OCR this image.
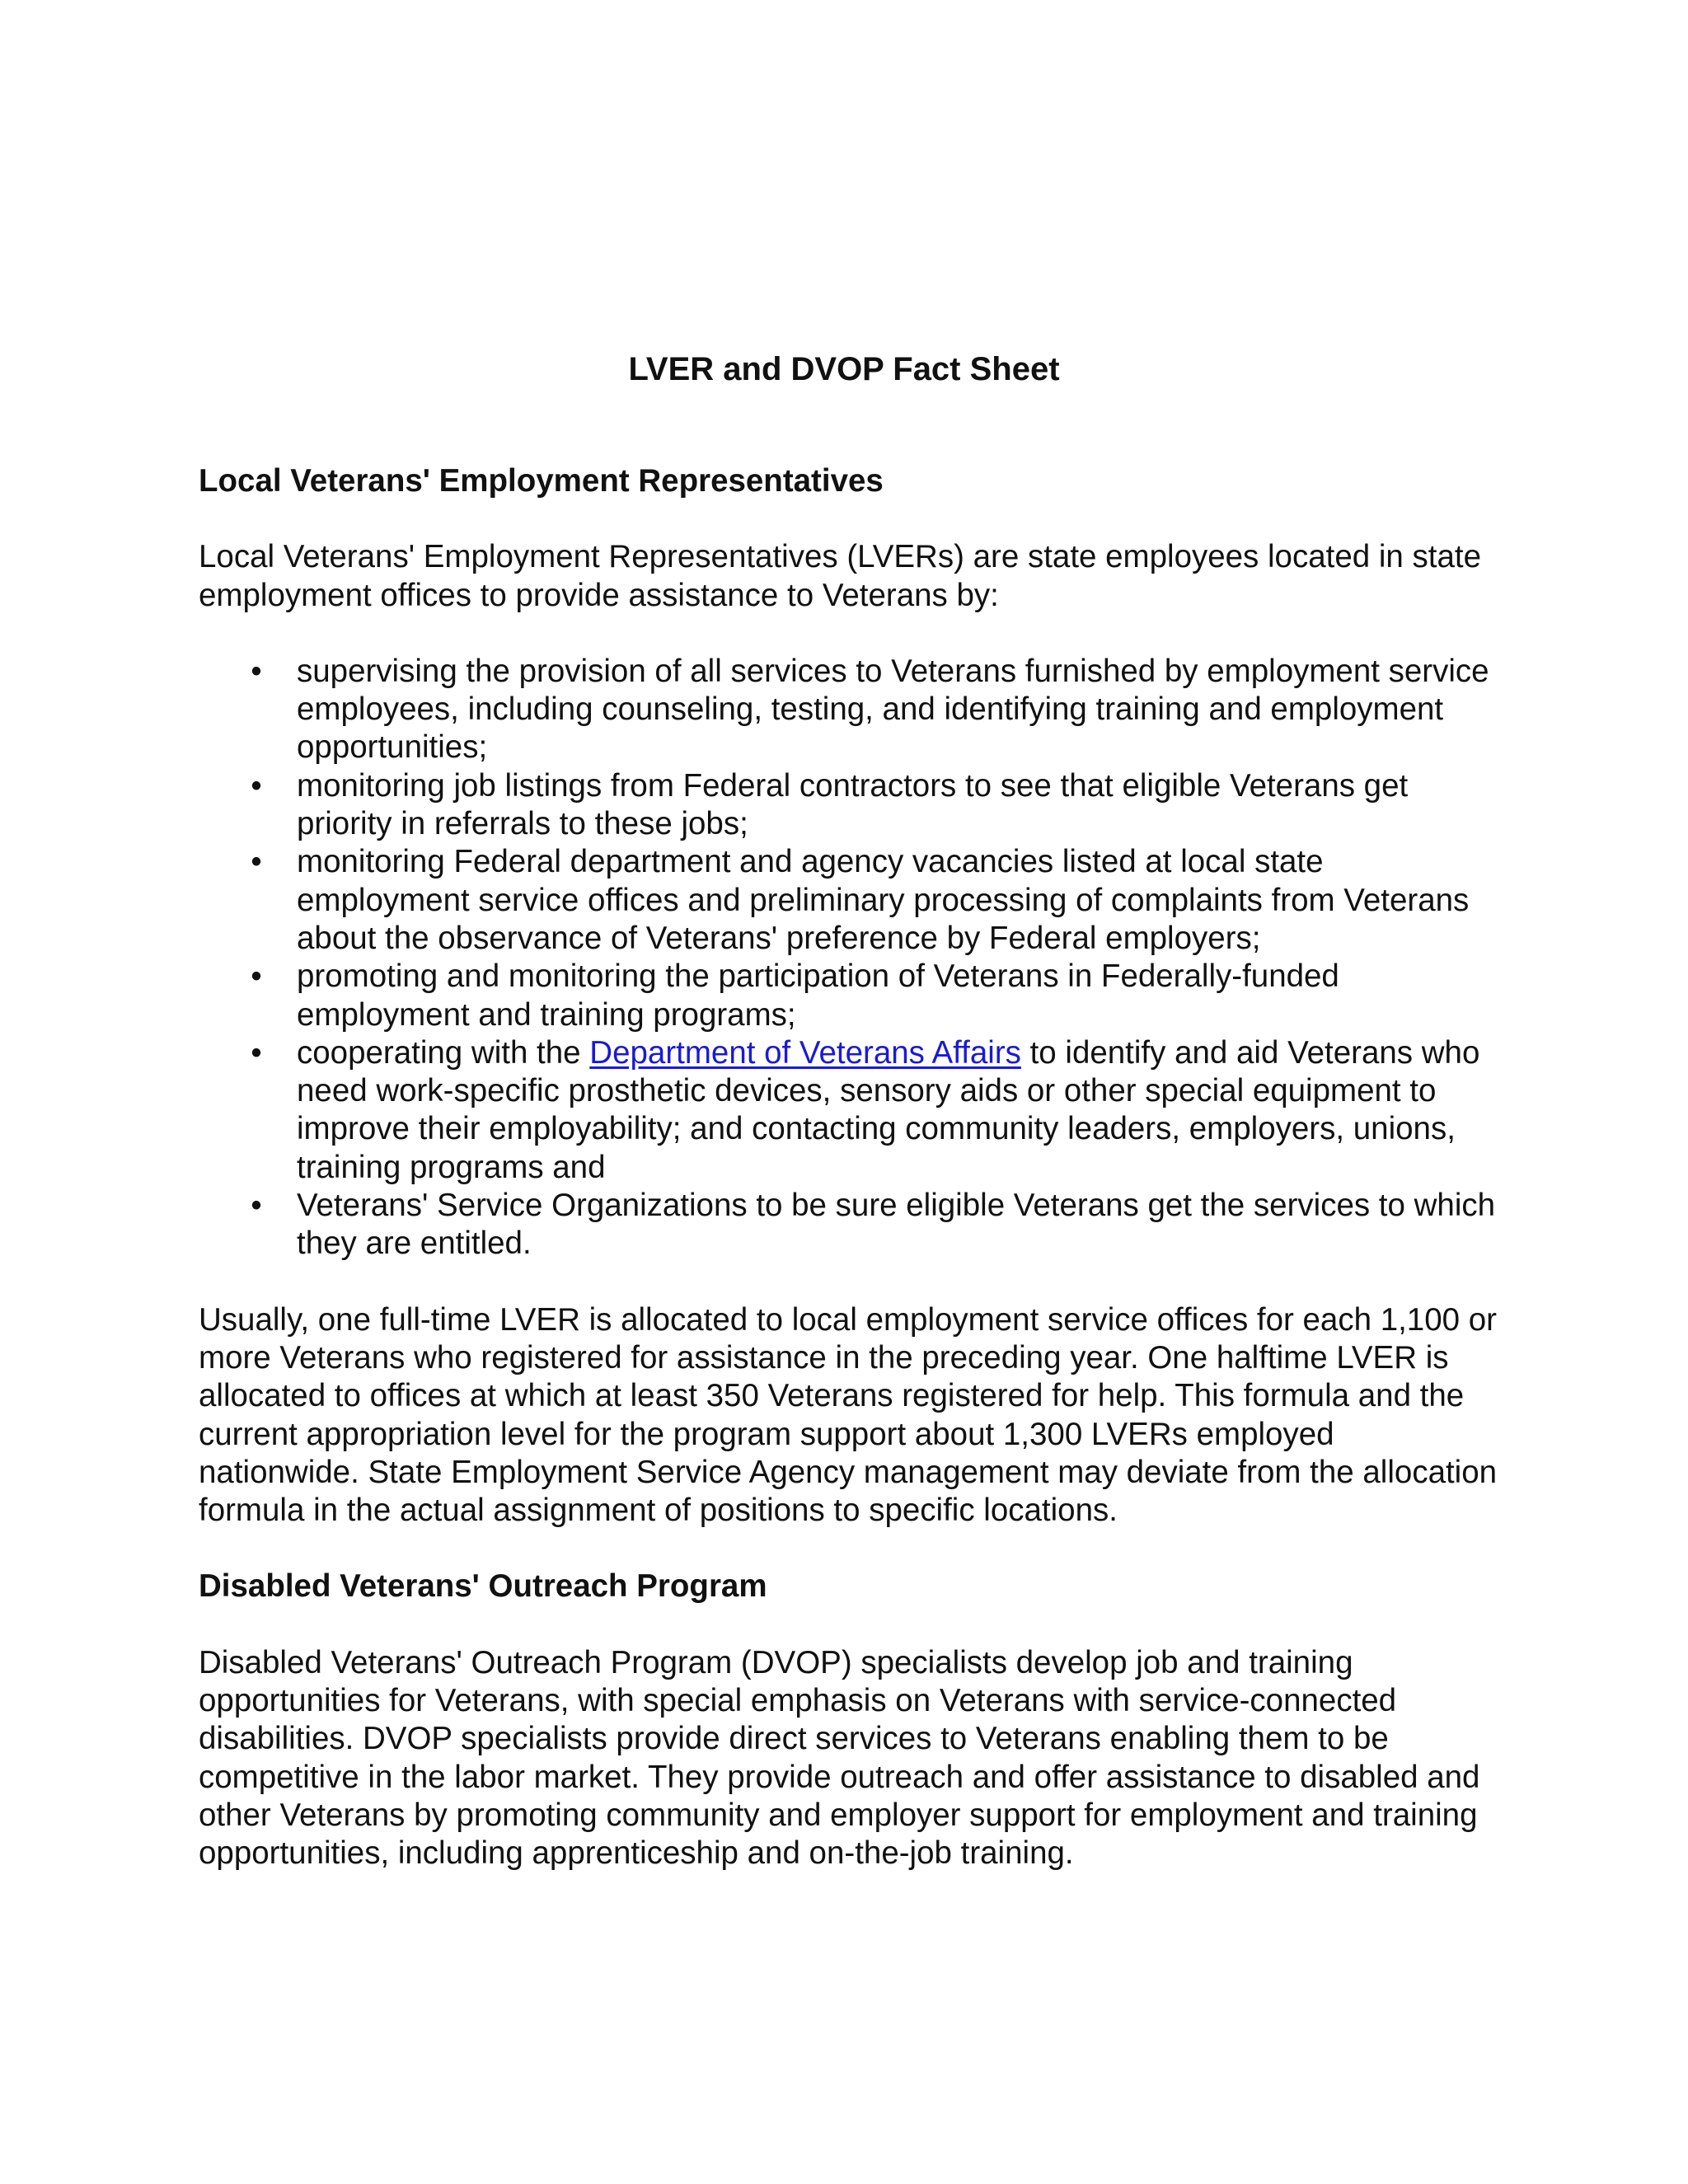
LVER and DVOP Fact Sheet
Local Veterans' Employment Representatives

Local Veterans' Employment Representatives (LVERs) are state employees located in state employment offices to provide assistance to Veterans by:

• supervising the provision of all services to Veterans furnished by employment service employees, including counseling, testing, and identifying training and employment opportunities;
• monitoring job listings from Federal contractors to see that eligible Veterans get priority in referrals to these jobs;
• monitoring Federal department and agency vacancies listed at local state employment service offices and preliminary processing of complaints from Veterans about the observance of Veterans' preference by Federal employers;
• promoting and monitoring the participation of Veterans in Federally-funded employment and training programs;
• cooperating with the Department of Veterans Affairs to identify and aid Veterans who need work-specific prosthetic devices, sensory aids or other special equipment to improve their employability; and contacting community leaders, employers, unions, training programs and
• Veterans' Service Organizations to be sure eligible Veterans get the services to which they are entitled.

Usually, one full-time LVER is allocated to local employment service offices for each 1,100 or more Veterans who registered for assistance in the preceding year. One halftime LVER is allocated to offices at which at least 350 Veterans registered for help. This formula and the current appropriation level for the program support about 1,300 LVERs employed nationwide. State Employment Service Agency management may deviate from the allocation formula in the actual assignment of positions to specific locations.

Disabled Veterans' Outreach Program

Disabled Veterans' Outreach Program (DVOP) specialists develop job and training opportunities for Veterans, with special emphasis on Veterans with service-connected disabilities. DVOP specialists provide direct services to Veterans enabling them to be competitive in the labor market. They provide outreach and offer assistance to disabled and other Veterans by promoting community and employer support for employment and training opportunities, including apprenticeship and on-the-job training.
